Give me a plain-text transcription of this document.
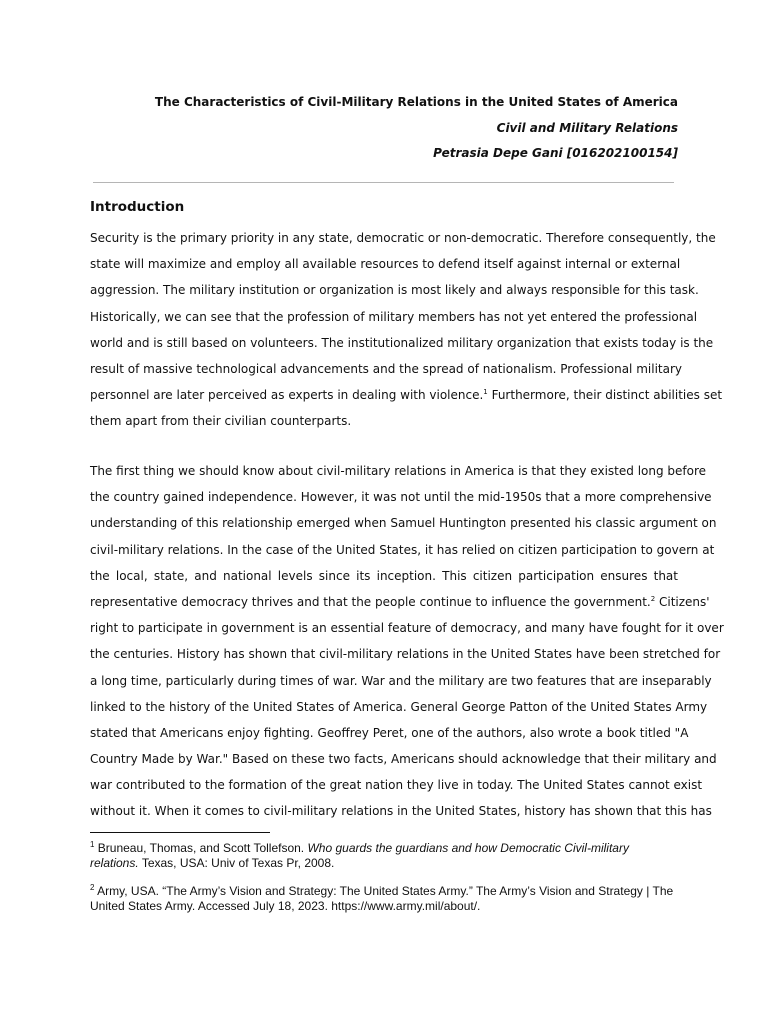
The Characteristics of Civil-Military Relations in the United States of America
Civil and Military Relations
Petrasia Depe Gani [016202100154]
Introduction
Security is the primary priority in any state, democratic or non-democratic. Therefore consequently, the
state will maximize and employ all available resources to defend itself against internal or external
aggression. The military institution or organization is most likely and always responsible for this task.
Historically, we can see that the profession of military members has not yet entered the professional
world and is still based on volunteers. The institutionalized military organization that exists today is the
result of massive technological advancements and the spread of nationalism. Professional military
personnel are later perceived as experts in dealing with violence.$^1$ Furthermore, their distinct abilities set
them apart from their civilian counterparts.
The first thing we should know about civil-military relations in America is that they existed long before
the country gained independence. However, it was not until the mid-1950s that a more comprehensive
understanding of this relationship emerged when Samuel Huntington presented his classic argument on
civil-military relations. In the case of the United States, it has relied on citizen participation to govern at
the local, state, and national levels since its inception. This citizen participation ensures that
representative democracy thrives and that the people continue to influence the government.$^2$ Citizens'
right to participate in government is an essential feature of democracy, and many have fought for it over
the centuries. History has shown that civil-military relations in the United States have been stretched for
a long time, particularly during times of war. War and the military are two features that are inseparably
linked to the history of the United States of America. General George Patton of the United States Army
stated that Americans enjoy fighting. Geoffrey Peret, one of the authors, also wrote a book titled "A
Country Made by War." Based on these two facts, Americans should acknowledge that their military and
war contributed to the formation of the great nation they live in today. The United States cannot exist
without it. When it comes to civil-military relations in the United States, history has shown that this has
$^1$ Bruneau, Thomas, and Scott Tollefson. Who guards the guardians and how Democratic Civil-military relations. Texas, USA: Univ of Texas Pr, 2008.
$^2$ Army, USA. “The Army’s Vision and Strategy: The United States Army.” The Army’s Vision and Strategy | The United States Army. Accessed July 18, 2023. https://www.army.mil/about/.
